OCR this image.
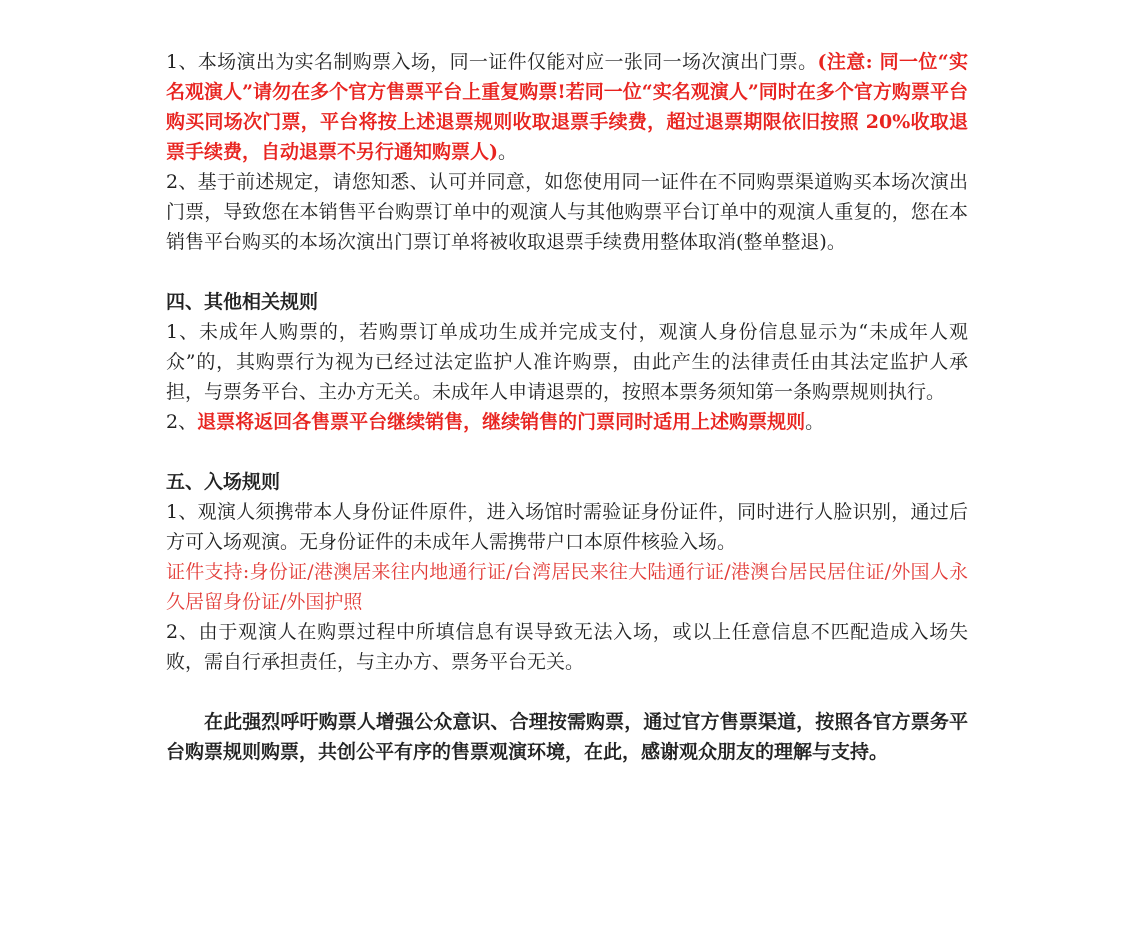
1、本场演出为实名制购票入场，同一证件仅能对应一张同一场次演出门票。(注意: 同一位“实名观演人”请勿在多个官方售票平台上重复购票!若同一位“实名观演人”同时在多个官方购票平台购买同场次门票，平台将按上述退票规则收取退票手续费，超过退票期限依旧按照 20%收取退票手续费，自动退票不另行通知购票人)。

2、基于前述规定，请您知悉、认可并同意，如您使用同一证件在不同购票渠道购买本场次演出门票，导致您在本销售平台购票订单中的观演人与其他购票平台订单中的观演人重复的，您在本销售平台购买的本场次演出门票订单将被收取退票手续费用整体取消(整单整退)。

四、其他相关规则

1、未成年人购票的，若购票订单成功生成并完成支付，观演人身份信息显示为“未成年人观众”的，其购票行为视为已经过法定监护人准许购票，由此产生的法律责任由其法定监护人承担，与票务平台、主办方无关。未成年人申请退票的，按照本票务须知第一条购票规则执行。

2、退票将返回各售票平台继续销售，继续销售的门票同时适用上述购票规则。

五、入场规则

1、观演人须携带本人身份证件原件，进入场馆时需验证身份证件，同时进行人脸识别，通过后方可入场观演。无身份证件的未成年人需携带户口本原件核验入场。

证件支持:身份证/港澳居来往内地通行证/台湾居民来往大陆通行证/港澳台居民居住证/外国人永久居留身份证/外国护照

2、由于观演人在购票过程中所填信息有误导致无法入场，或以上任意信息不匹配造成入场失败，需自行承担责任，与主办方、票务平台无关。

在此强烈呼吁购票人增强公众意识、合理按需购票，通过官方售票渠道，按照各官方票务平台购票规则购票，共创公平有序的售票观演环境，在此，感谢观众朋友的理解与支持。
